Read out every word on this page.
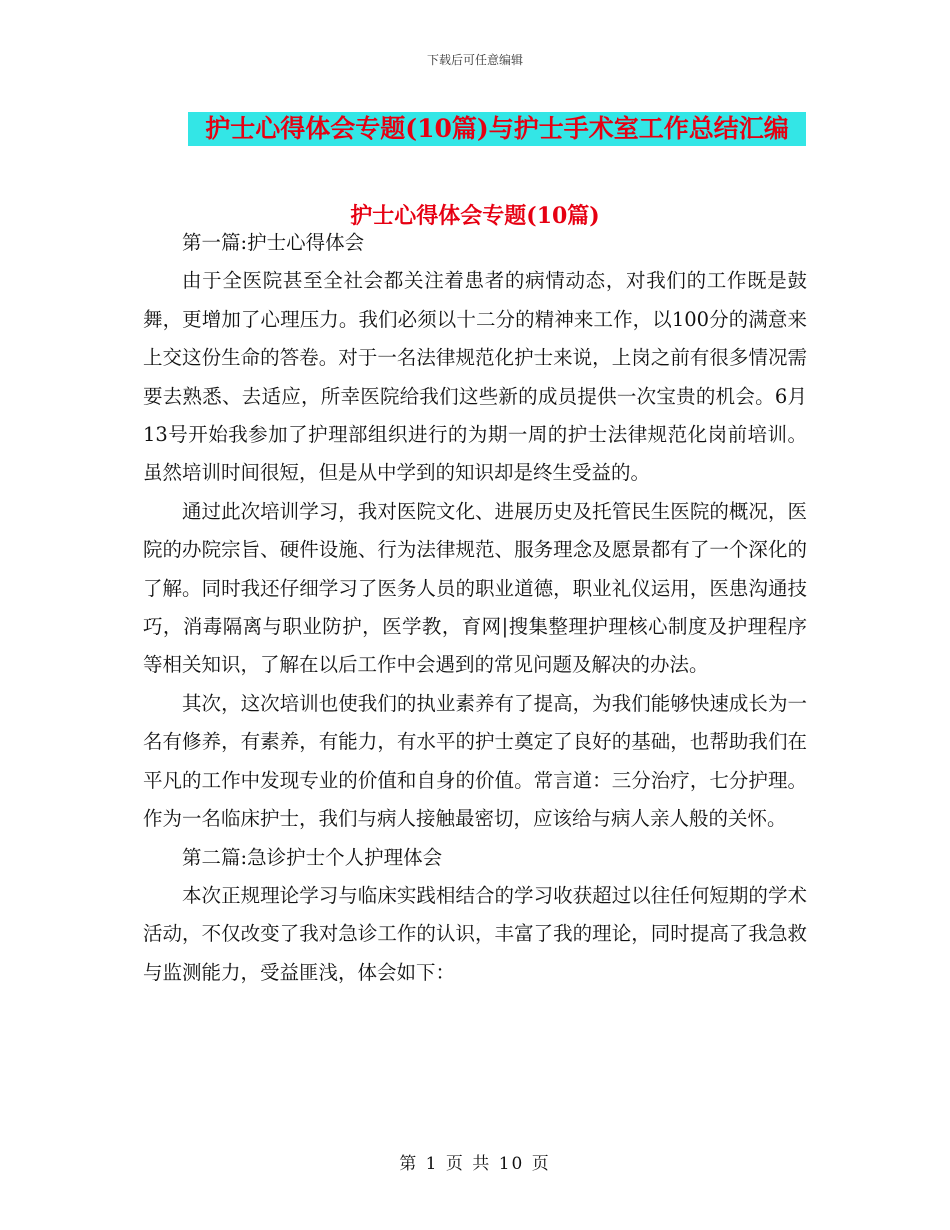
下载后可任意编辑
护士心得体会专题(10篇)与护士手术室工作总结汇编
护士心得体会专题(10篇)

第一篇:护士心得体会

由于全医院甚至全社会都关注着患者的病情动态，对我们的工作既是鼓舞，更增加了心理压力。我们必须以十二分的精神来工作，以100分的满意来上交这份生命的答卷。对于一名法律规范化护士来说，上岗之前有很多情况需要去熟悉、去适应，所幸医院给我们这些新的成员提供一次宝贵的机会。6月13号开始我参加了护理部组织进行的为期一周的护士法律规范化岗前培训。虽然培训时间很短，但是从中学到的知识却是终生受益的。

通过此次培训学习，我对医院文化、进展历史及托管民生医院的概况，医院的办院宗旨、硬件设施、行为法律规范、服务理念及愿景都有了一个深化的了解。同时我还仔细学习了医务人员的职业道德，职业礼仪运用，医患沟通技巧，消毒隔离与职业防护，医学教，育网|搜集整理护理核心制度及护理程序等相关知识，了解在以后工作中会遇到的常见问题及解决的办法。

其次，这次培训也使我们的执业素养有了提高，为我们能够快速成长为一名有修养，有素养，有能力，有水平的护士奠定了良好的基础，也帮助我们在平凡的工作中发现专业的价值和自身的价值。常言道：三分治疗，七分护理。作为一名临床护士，我们与病人接触最密切，应该给与病人亲人般的关怀。

第二篇:急诊护士个人护理体会

本次正规理论学习与临床实践相结合的学习收获超过以往任何短期的学术活动，不仅改变了我对急诊工作的认识，丰富了我的理论，同时提高了我急救与监测能力，受益匪浅，体会如下：

第 1 页 共 10 页
